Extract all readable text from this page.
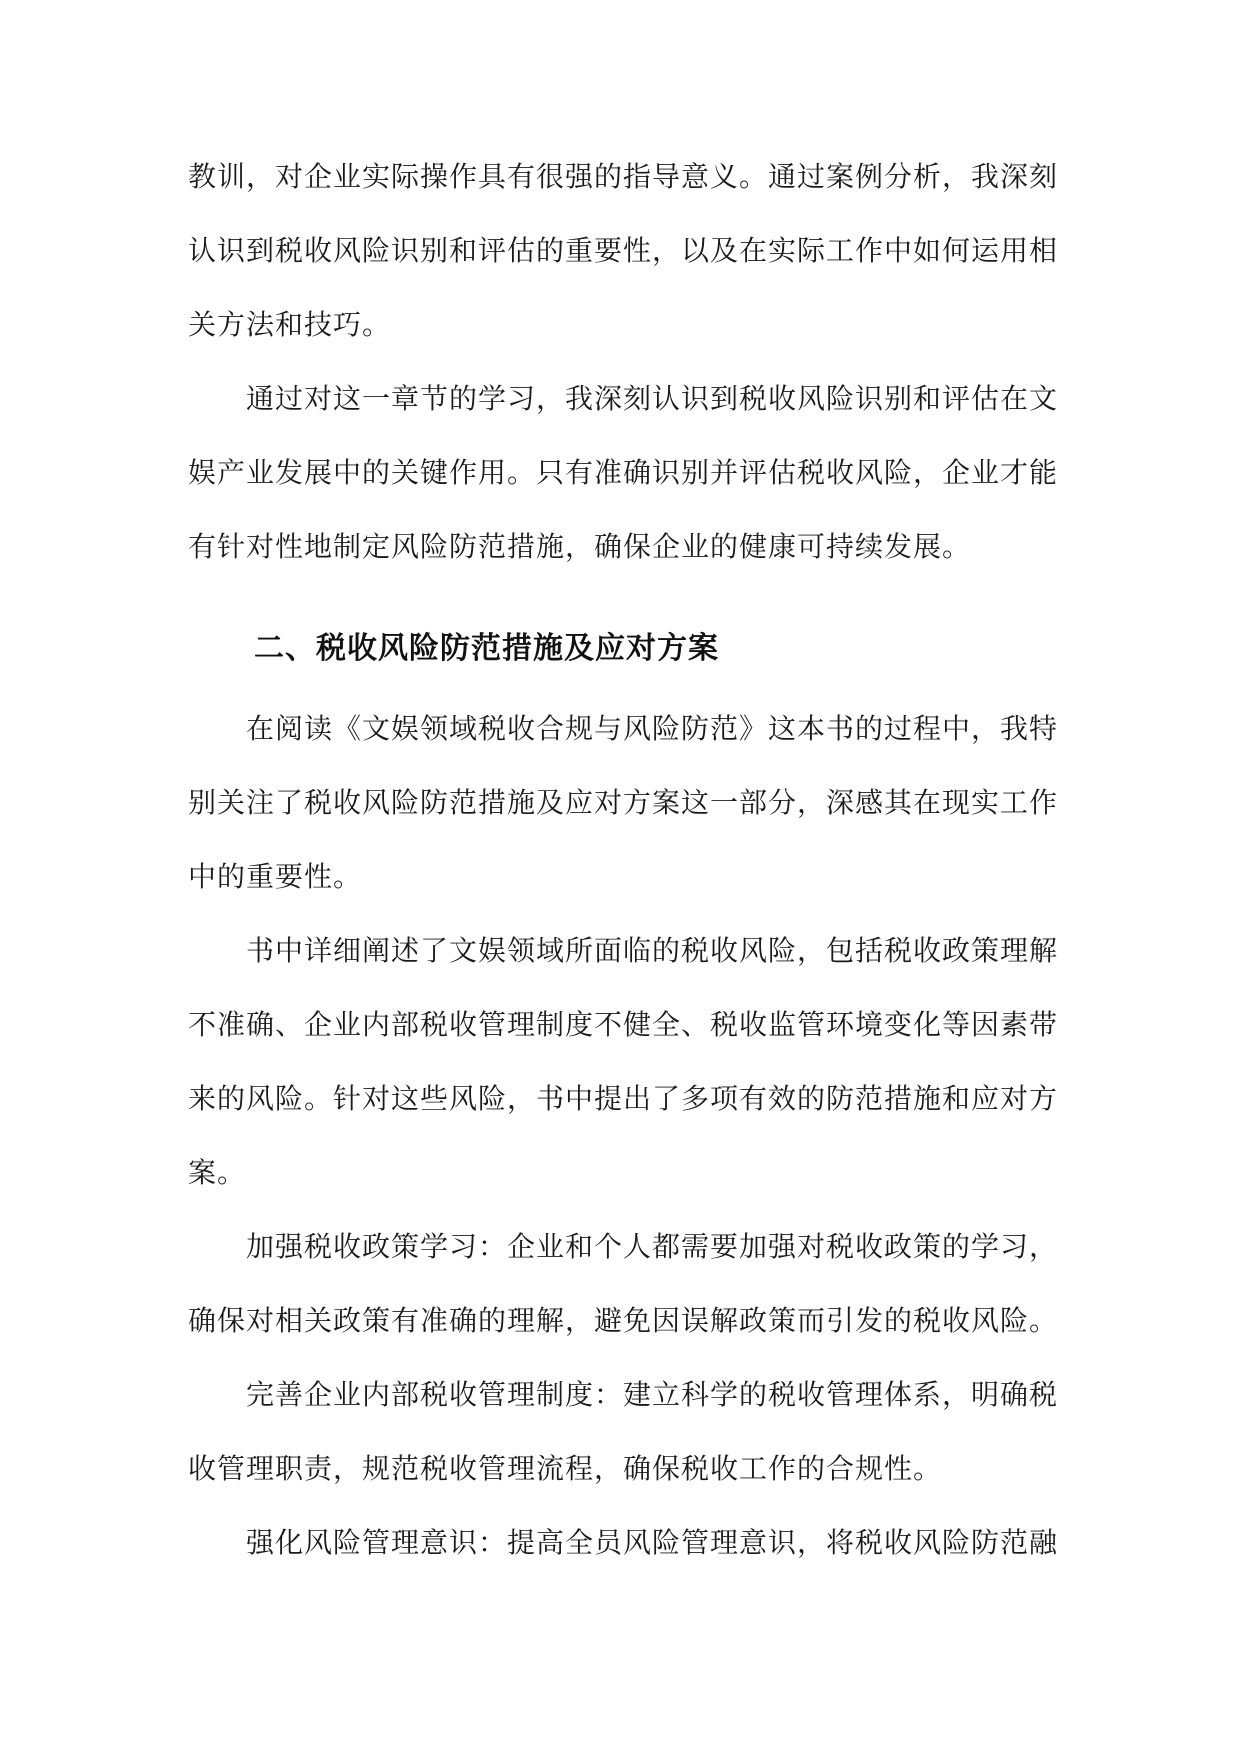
教训，对企业实际操作具有很强的指导意义。通过案例分析，我深刻认识到税收风险识别和评估的重要性，以及在实际工作中如何运用相关方法和技巧。

通过对这一章节的学习，我深刻认识到税收风险识别和评估在文娱产业发展中的关键作用。只有准确识别并评估税收风险，企业才能有针对性地制定风险防范措施，确保企业的健康可持续发展。

二、税收风险防范措施及应对方案

在阅读《文娱领域税收合规与风险防范》这本书的过程中，我特别关注了税收风险防范措施及应对方案这一部分，深感其在现实工作中的重要性。

书中详细阐述了文娱领域所面临的税收风险，包括税收政策理解不准确、企业内部税收管理制度不健全、税收监管环境变化等因素带来的风险。针对这些风险，书中提出了多项有效的防范措施和应对方案。

加强税收政策学习：企业和个人都需要加强对税收政策的学习，确保对相关政策有准确的理解，避免因误解政策而引发的税收风险。

完善企业内部税收管理制度：建立科学的税收管理体系，明确税收管理职责，规范税收管理流程，确保税收工作的合规性。

强化风险管理意识：提高全员风险管理意识，将税收风险防范融
